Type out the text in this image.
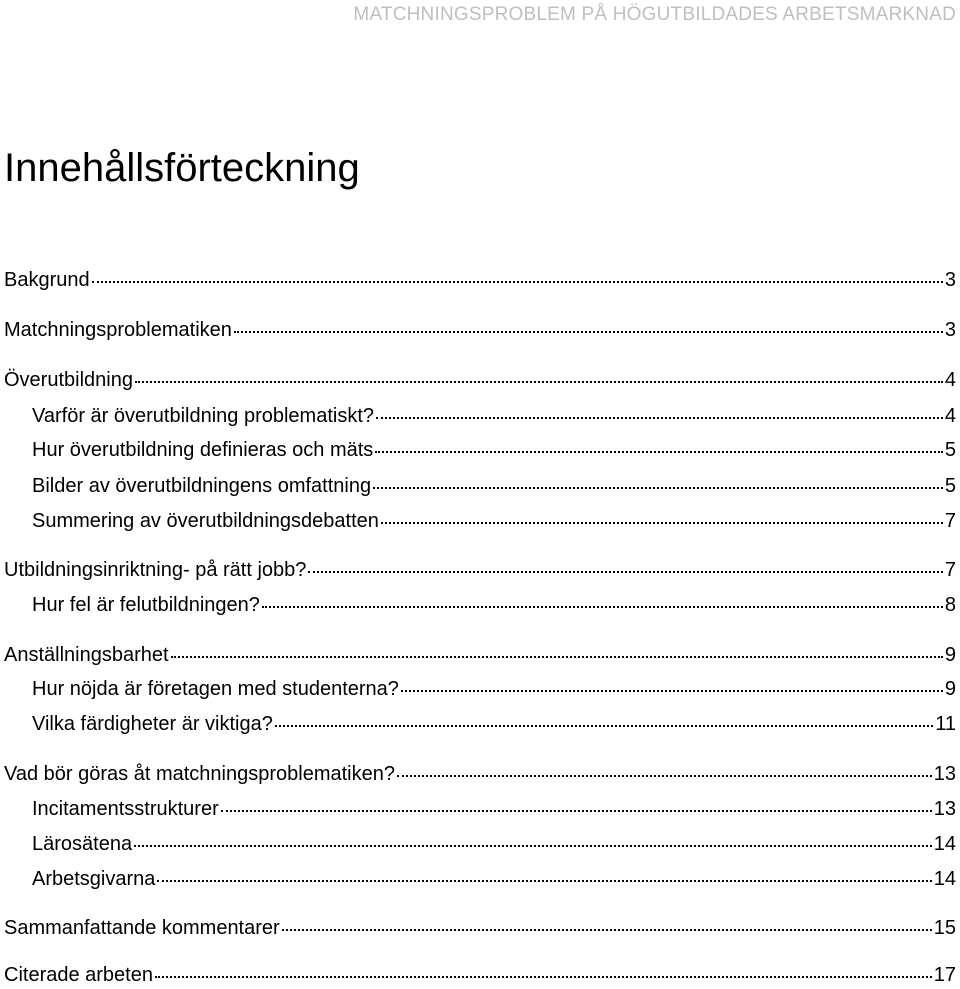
MATCHNINGSPROBLEM PÅ HÖGUTBILDADES ARBETSMARKNAD
Innehållsförteckning
Bakgrund	3
Matchningsproblematiken	3
Överutbildning	4
Varför är överutbildning problematiskt?	4
Hur överutbildning definieras och mäts	5
Bilder av överutbildningens omfattning	5
Summering av överutbildningsdebatten	7
Utbildningsinriktning- på rätt jobb?	7
Hur fel är felutbildningen?	8
Anställningsbarhet	9
Hur nöjda är företagen med studenterna?	9
Vilka färdigheter är viktiga?	11
Vad bör göras åt matchningsproblematiken?	13
Incitamentsstrukturer	13
Lärosätena	14
Arbetsgivarna	14
Sammanfattande kommentarer	15
Citerade arbeten	17
